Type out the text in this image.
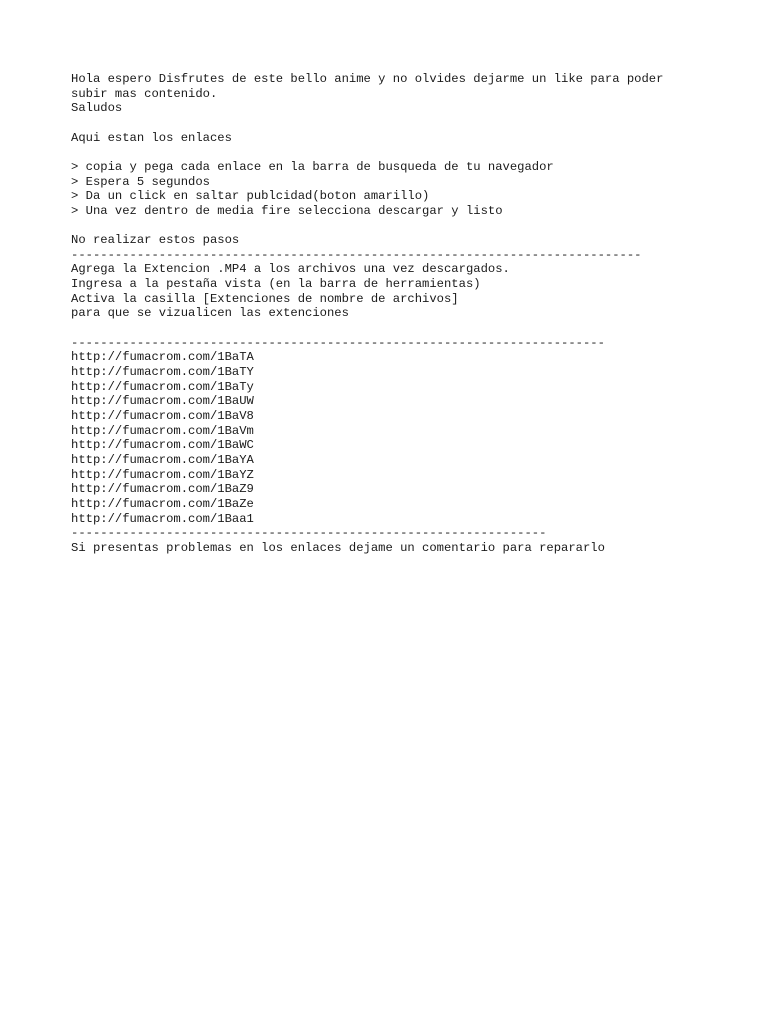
Hola espero Disfrutes de este bello anime y no olvides dejarme un like para poder
subir mas contenido.
Saludos
Aqui estan los enlaces
> copia y pega cada enlace en la barra de busqueda de tu navegador
> Espera 5 segundos
> Da un click en saltar publcidad(boton amarillo)
> Una vez dentro de media fire selecciona descargar y listo
No realizar estos pasos
------------------------------------------------------------------------------
Agrega la Extencion .MP4 a los archivos una vez descargados.
Ingresa a la pestaña vista (en la barra de herramientas)
Activa la casilla [Extenciones de nombre de archivos]
para que se vizualicen las extenciones
-------------------------------------------------------------------------
http://fumacrom.com/1BaTA
http://fumacrom.com/1BaTY
http://fumacrom.com/1BaTy
http://fumacrom.com/1BaUW
http://fumacrom.com/1BaV8
http://fumacrom.com/1BaVm
http://fumacrom.com/1BaWC
http://fumacrom.com/1BaYA
http://fumacrom.com/1BaYZ
http://fumacrom.com/1BaZ9
http://fumacrom.com/1BaZe
http://fumacrom.com/1Baa1
-----------------------------------------------------------------
Si presentas problemas en los enlaces dejame un comentario para repararlo
